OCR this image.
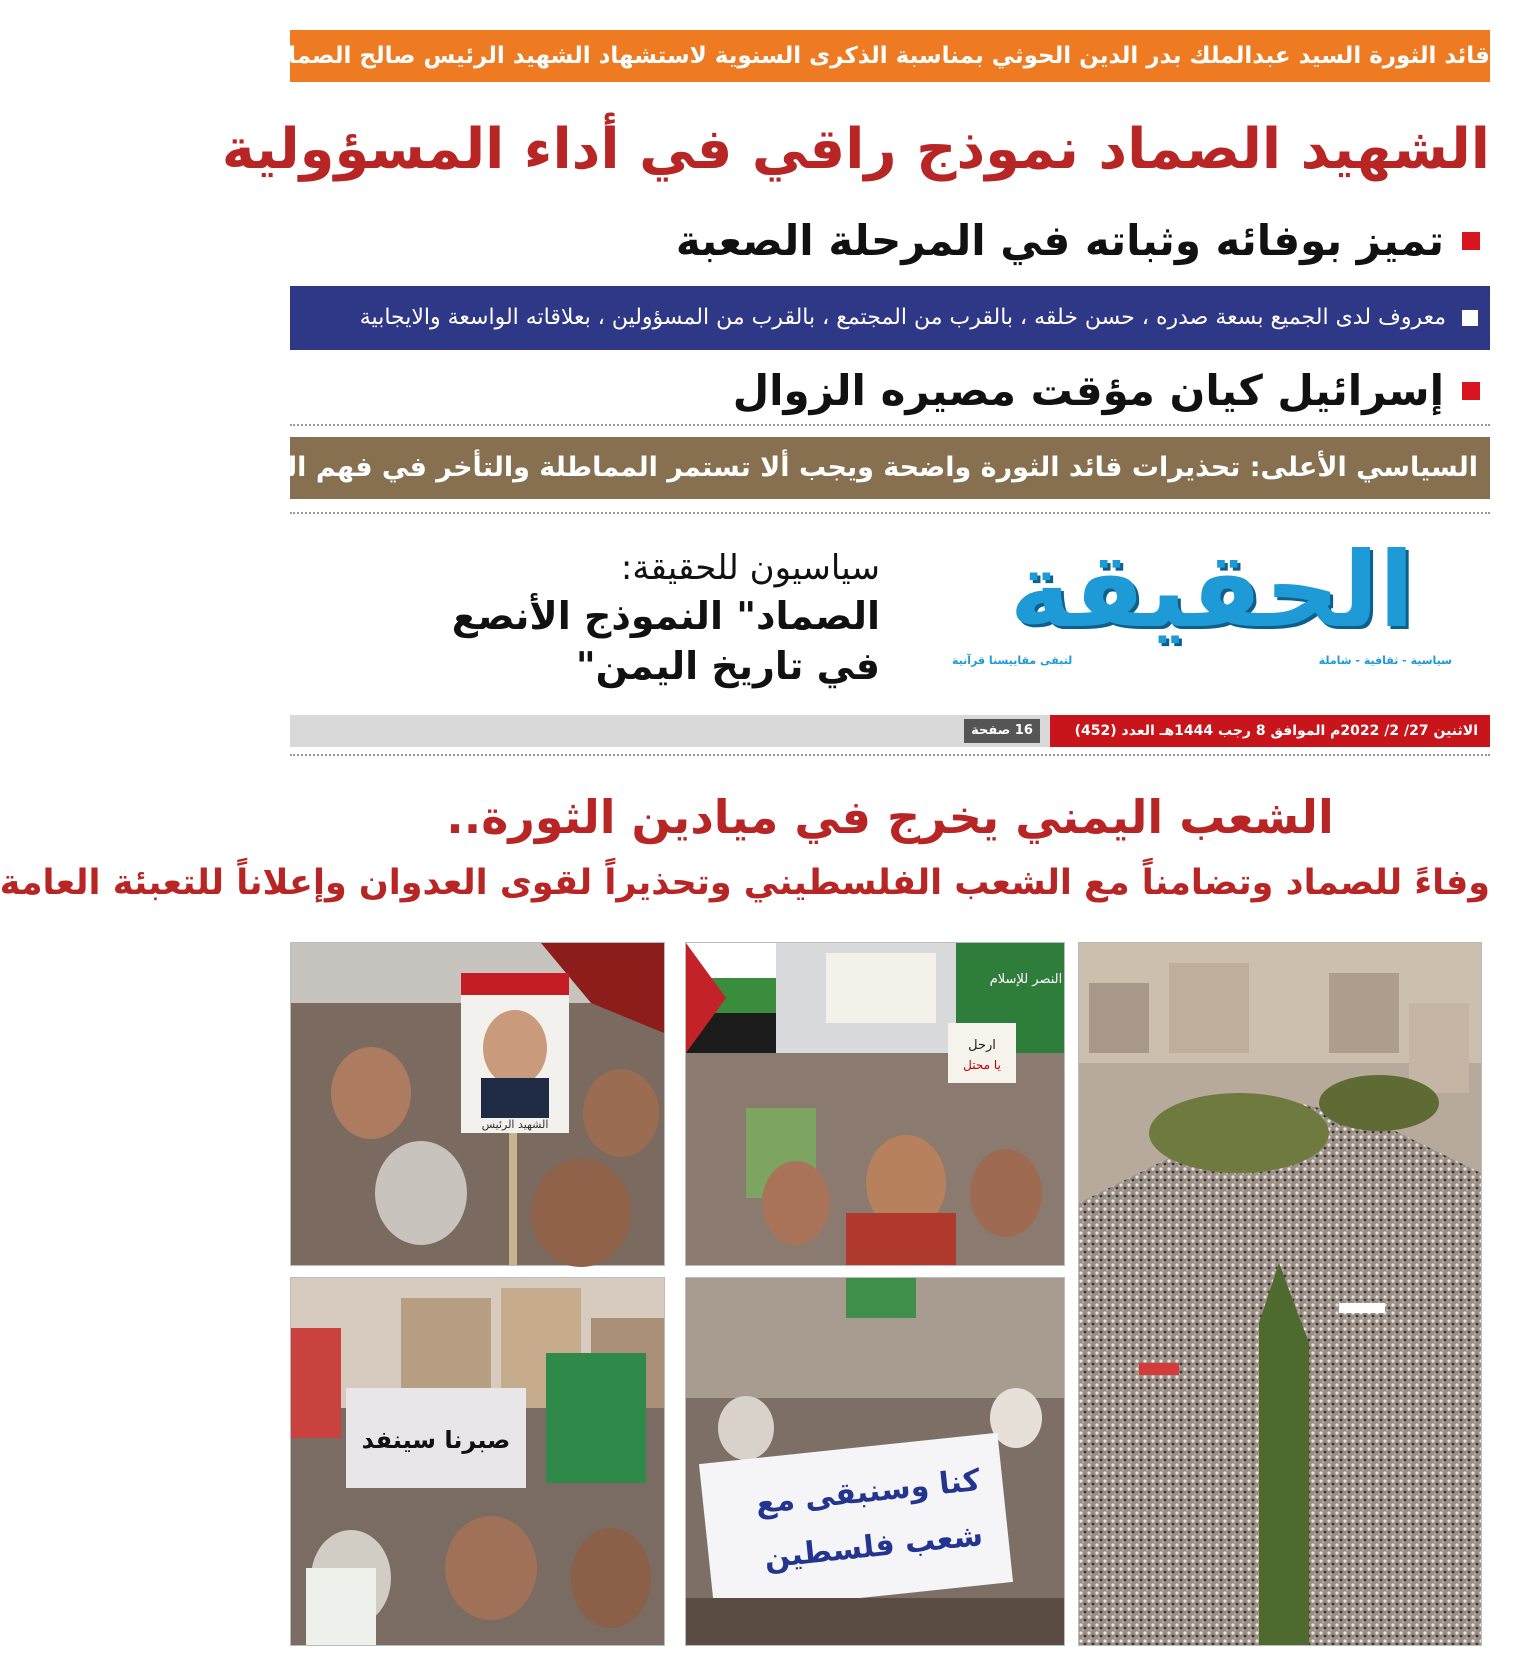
قائد الثورة السيد عبدالملك بدر الدين الحوثي بمناسبة الذكرى السنوية لاستشهاد الشهيد الرئيس صالح الصماد 1444هـ
الشهيد الصماد نموذج راقي في أداء المسؤولية
تميز بوفائه وثباته في المرحلة الصعبة
معروف لدى الجميع بسعة صدره ، حسن خلقه ، بالقرب من المجتمع ، بالقرب من المسؤولين ، بعلاقاته الواسعة والايجابية
إسرائيل كيان مؤقت مصيره الزوال
السياسي الأعلى: تحذيرات قائد الثورة واضحة ويجب ألا تستمر المماطلة والتأخر في فهم الرسائل
الحقيقة
سياسية - ثقافية - شاملة
لتبقى مقاييسنا قرآنية
سياسيون للحقيقة:
الصماد" النموذج الأنصع
في تاريخ اليمن"
الاثنين 27/ 2/ 2022م الموافق 8 رجب 1444هـ العدد (452)
16 صفحة
الشعب اليمني يخرج في ميادين الثورة..
وفاءً للصماد وتضامناً مع الشعب الفلسطيني وتحذيراً لقوى العدوان وإعلاناً للتعبئة العامة
ارحل
يا محتل
النصر للإسلام
الشهيد الرئيس
كنا وسنبقى مع
شعب فلسطين
صبرنا سينفد
